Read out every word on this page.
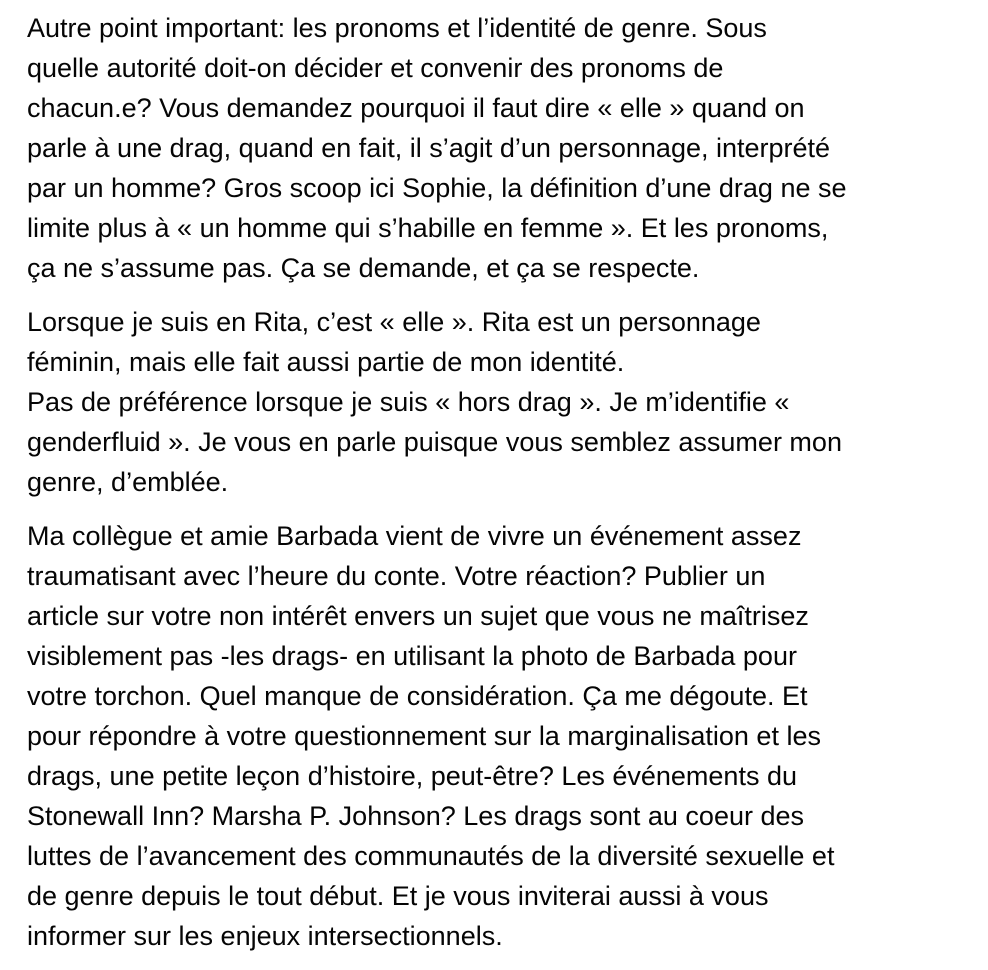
Autre point important: les pronoms et l’identité de genre. Sous
quelle autorité doit-on décider et convenir des pronoms de
chacun.e? Vous demandez pourquoi il faut dire « elle » quand on
parle à une drag, quand en fait, il s’agit d’un personnage, interprété
par un homme? Gros scoop ici Sophie, la définition d’une drag ne se
limite plus à « un homme qui s’habille en femme ». Et les pronoms,
ça ne s’assume pas. Ça se demande, et ça se respecte.

Lorsque je suis en Rita, c’est « elle ». Rita est un personnage
féminin, mais elle fait aussi partie de mon identité.
Pas de préférence lorsque je suis « hors drag ». Je m’identifie «
genderfluid ». Je vous en parle puisque vous semblez assumer mon
genre, d’emblée.

Ma collègue et amie Barbada vient de vivre un événement assez
traumatisant avec l’heure du conte. Votre réaction? Publier un
article sur votre non intérêt envers un sujet que vous ne maîtrisez
visiblement pas -les drags- en utilisant la photo de Barbada pour
votre torchon. Quel manque de considération. Ça me dégoute. Et
pour répondre à votre questionnement sur la marginalisation et les
drags, une petite leçon d’histoire, peut-être? Les événements du
Stonewall Inn? Marsha P. Johnson? Les drags sont au coeur des
luttes de l’avancement des communautés de la diversité sexuelle et
de genre depuis le tout début. Et je vous inviterai aussi à vous
informer sur les enjeux intersectionnels.
